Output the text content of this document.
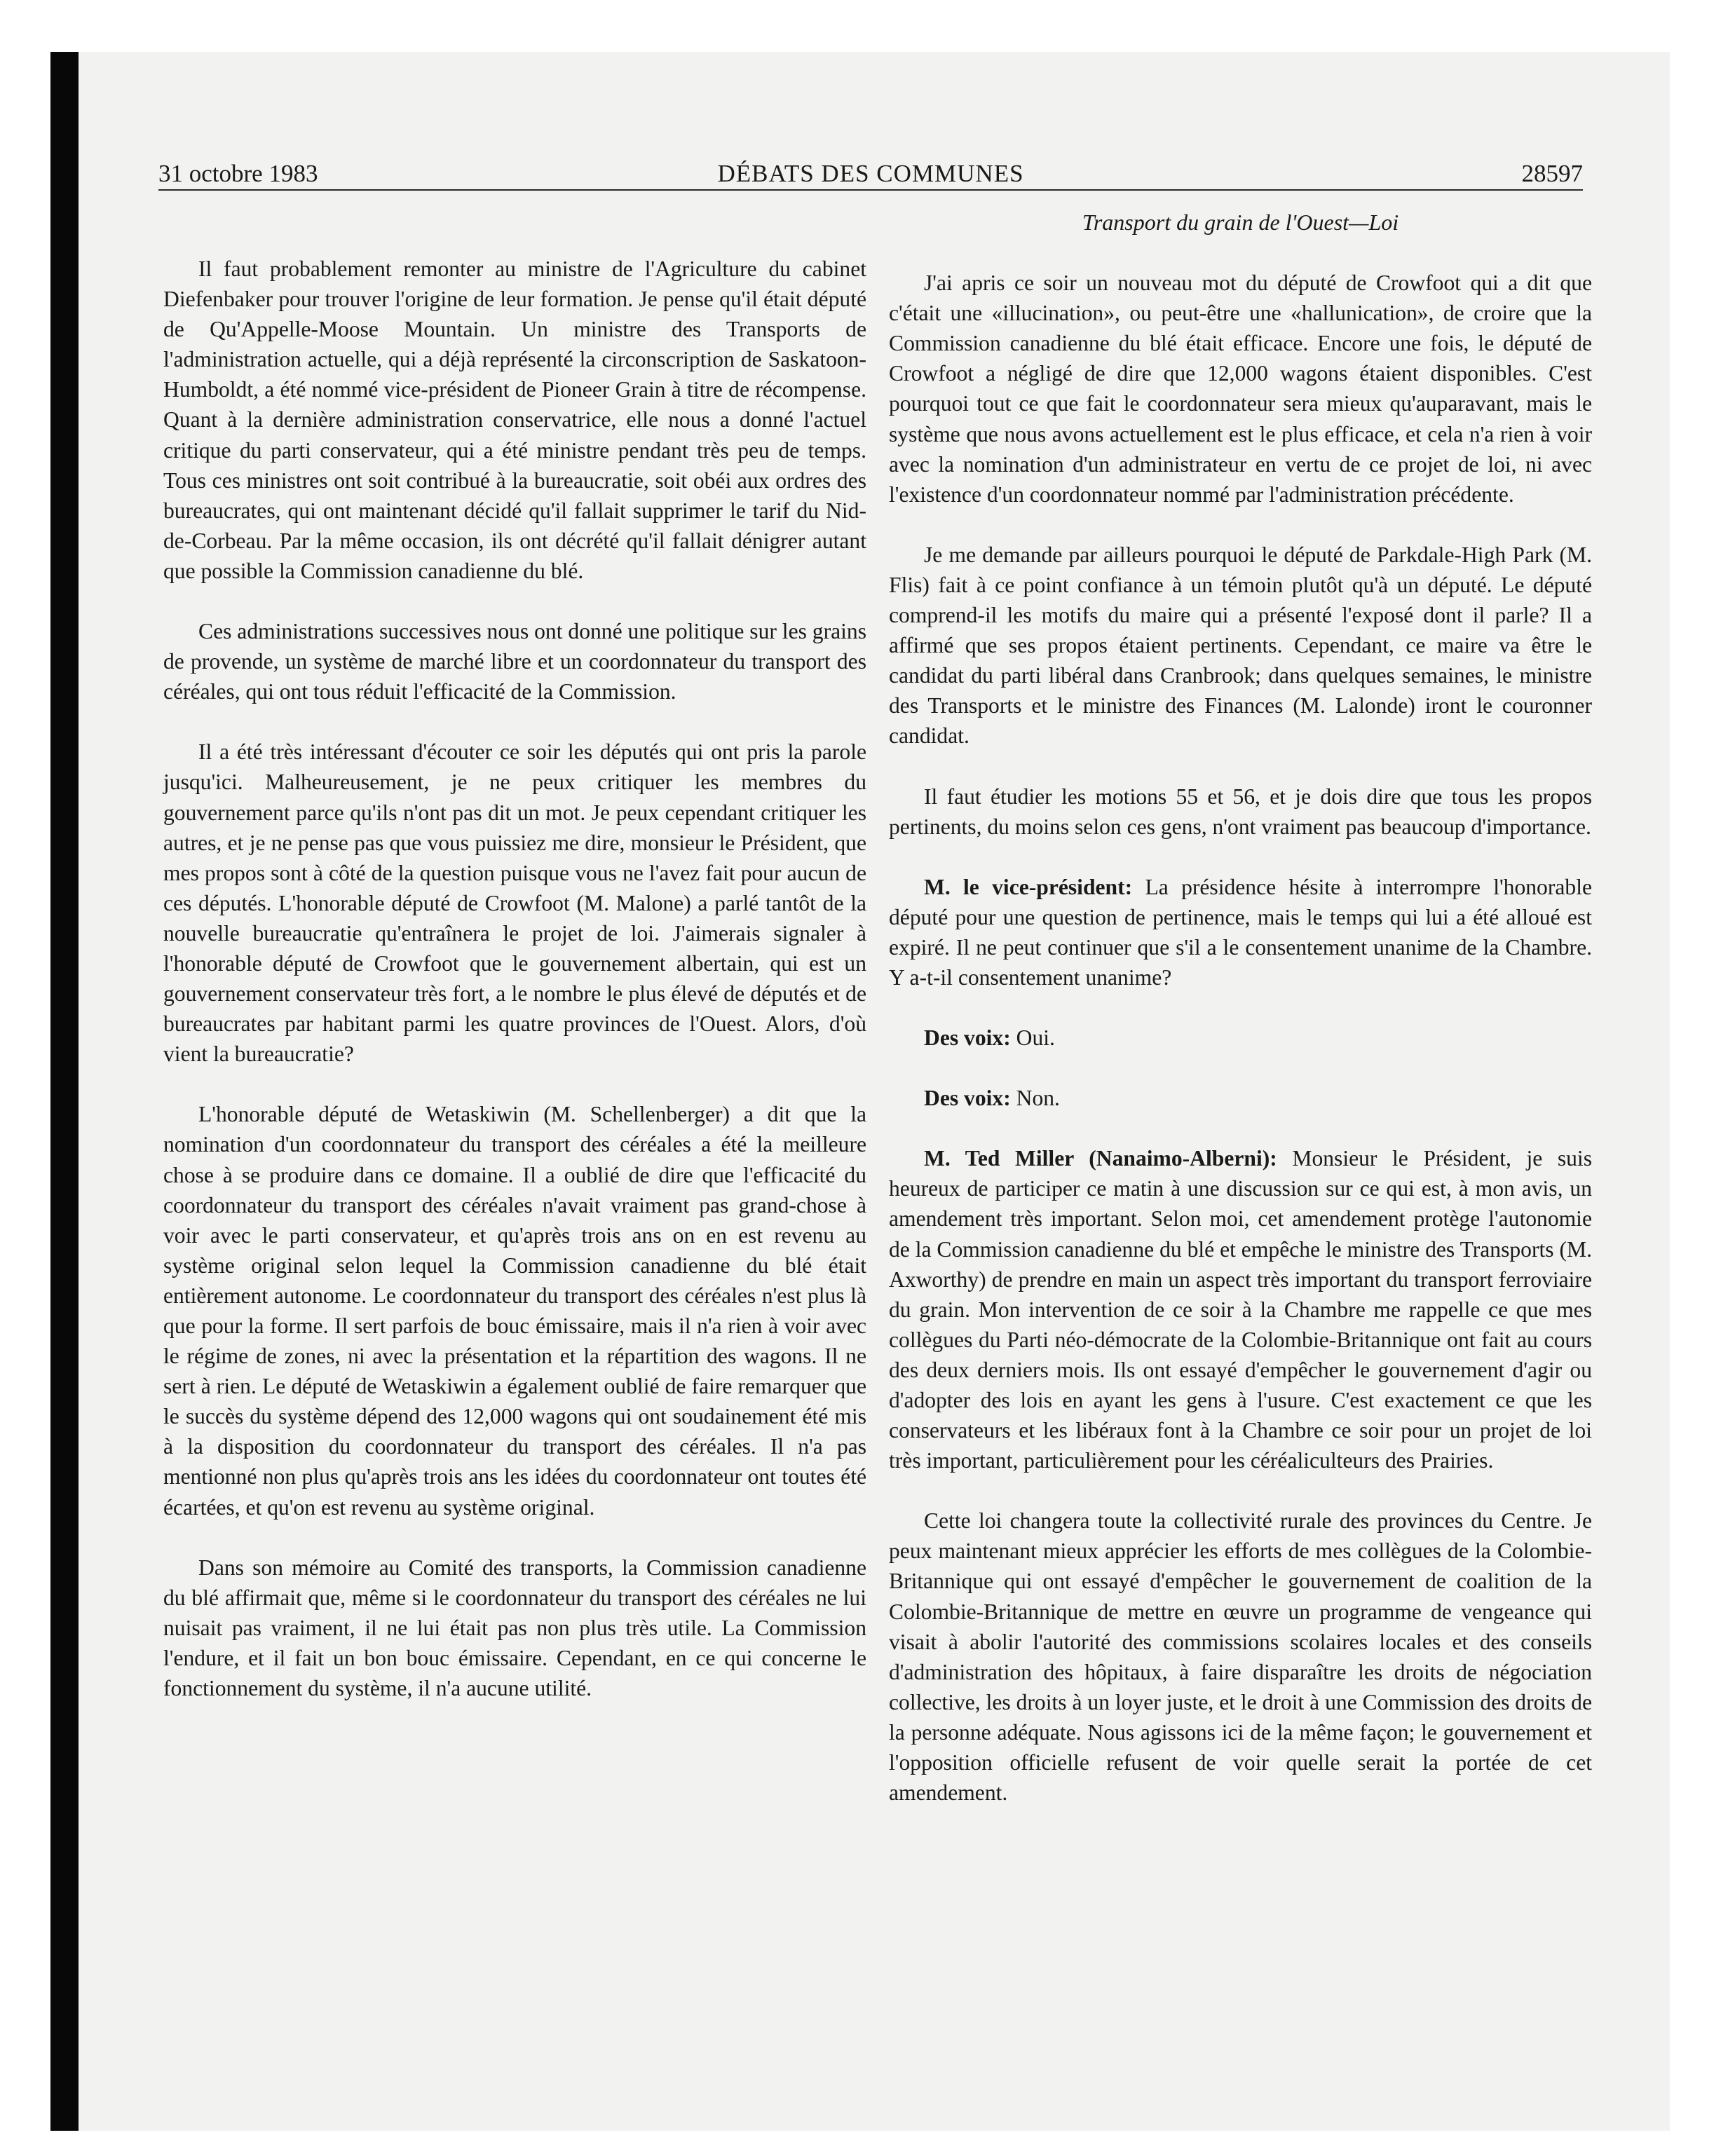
31 octobre 1983	DÉBATS DES COMMUNES	28597

Il faut probablement remonter au ministre de l'Agriculture du cabinet Diefenbaker pour trouver l'origine de leur formation. Je pense qu'il était député de Qu'Appelle-Moose Mountain. Un ministre des Transports de l'administration actuelle, qui a déjà représenté la circonscription de Saskatoon-Humboldt, a été nommé vice-président de Pioneer Grain à titre de récompense. Quant à la dernière administration conservatrice, elle nous a donné l'actuel critique du parti conservateur, qui a été ministre pendant très peu de temps. Tous ces ministres ont soit contribué à la bureaucratie, soit obéi aux ordres des bureaucrates, qui ont maintenant décidé qu'il fallait supprimer le tarif du Nid-de-Corbeau. Par la même occasion, ils ont décrété qu'il fallait dénigrer autant que possible la Commission canadienne du blé.

Ces administrations successives nous ont donné une politique sur les grains de provende, un système de marché libre et un coordonnateur du transport des céréales, qui ont tous réduit l'efficacité de la Commission.

Il a été très intéressant d'écouter ce soir les députés qui ont pris la parole jusqu'ici. Malheureusement, je ne peux critiquer les membres du gouvernement parce qu'ils n'ont pas dit un mot. Je peux cependant critiquer les autres, et je ne pense pas que vous puissiez me dire, monsieur le Président, que mes propos sont à côté de la question puisque vous ne l'avez fait pour aucun de ces députés. L'honorable député de Crowfoot (M. Malone) a parlé tantôt de la nouvelle bureaucratie qu'entraînera le projet de loi. J'aimerais signaler à l'honorable député de Crowfoot que le gouvernement albertain, qui est un gouvernement conservateur très fort, a le nombre le plus élevé de députés et de bureaucrates par habitant parmi les quatre provinces de l'Ouest. Alors, d'où vient la bureaucratie?

L'honorable député de Wetaskiwin (M. Schellenberger) a dit que la nomination d'un coordonnateur du transport des céréales a été la meilleure chose à se produire dans ce domaine. Il a oublié de dire que l'efficacité du coordonnateur du transport des céréales n'avait vraiment pas grand-chose à voir avec le parti conservateur, et qu'après trois ans on en est revenu au système original selon lequel la Commission canadienne du blé était entièrement autonome. Le coordonnateur du transport des céréales n'est plus là que pour la forme. Il sert parfois de bouc émissaire, mais il n'a rien à voir avec le régime de zones, ni avec la présentation et la répartition des wagons. Il ne sert à rien. Le député de Wetaskiwin a également oublié de faire remarquer que le succès du système dépend des 12,000 wagons qui ont soudainement été mis à la disposition du coordonnateur du transport des céréales. Il n'a pas mentionné non plus qu'après trois ans les idées du coordonnateur ont toutes été écartées, et qu'on est revenu au système original.

Dans son mémoire au Comité des transports, la Commission canadienne du blé affirmait que, même si le coordonnateur du transport des céréales ne lui nuisait pas vraiment, il ne lui était pas non plus très utile. La Commission l'endure, et il fait un bon bouc émissaire. Cependant, en ce qui concerne le fonctionnement du système, il n'a aucune utilité.

Transport du grain de l'Ouest—Loi

J'ai apris ce soir un nouveau mot du député de Crowfoot qui a dit que c'était une «illucination», ou peut-être une «hallunication», de croire que la Commission canadienne du blé était efficace. Encore une fois, le député de Crowfoot a négligé de dire que 12,000 wagons étaient disponibles. C'est pourquoi tout ce que fait le coordonnateur sera mieux qu'auparavant, mais le système que nous avons actuellement est le plus efficace, et cela n'a rien à voir avec la nomination d'un administrateur en vertu de ce projet de loi, ni avec l'existence d'un coordonnateur nommé par l'administration précédente.

Je me demande par ailleurs pourquoi le député de Parkdale-High Park (M. Flis) fait à ce point confiance à un témoin plutôt qu'à un député. Le député comprend-il les motifs du maire qui a présenté l'exposé dont il parle? Il a affirmé que ses propos étaient pertinents. Cependant, ce maire va être le candidat du parti libéral dans Cranbrook; dans quelques semaines, le ministre des Transports et le ministre des Finances (M. Lalonde) iront le couronner candidat.

Il faut étudier les motions 55 et 56, et je dois dire que tous les propos pertinents, du moins selon ces gens, n'ont vraiment pas beaucoup d'importance.

M. le vice-président: La présidence hésite à interrompre l'honorable député pour une question de pertinence, mais le temps qui lui a été alloué est expiré. Il ne peut continuer que s'il a le consentement unanime de la Chambre. Y a-t-il consentement unanime?

Des voix: Oui.

Des voix: Non.

M. Ted Miller (Nanaimo-Alberni): Monsieur le Président, je suis heureux de participer ce matin à une discussion sur ce qui est, à mon avis, un amendement très important. Selon moi, cet amendement protège l'autonomie de la Commission canadienne du blé et empêche le ministre des Transports (M. Axworthy) de prendre en main un aspect très important du transport ferroviaire du grain. Mon intervention de ce soir à la Chambre me rappelle ce que mes collègues du Parti néo-démocrate de la Colombie-Britannique ont fait au cours des deux derniers mois. Ils ont essayé d'empêcher le gouvernement d'agir ou d'adopter des lois en ayant les gens à l'usure. C'est exactement ce que les conservateurs et les libéraux font à la Chambre ce soir pour un projet de loi très important, particulièrement pour les céréaliculteurs des Prairies.

Cette loi changera toute la collectivité rurale des provinces du Centre. Je peux maintenant mieux apprécier les efforts de mes collègues de la Colombie-Britannique qui ont essayé d'empêcher le gouvernement de coalition de la Colombie-Britannique de mettre en œuvre un programme de vengeance qui visait à abolir l'autorité des commissions scolaires locales et des conseils d'administration des hôpitaux, à faire disparaître les droits de négociation collective, les droits à un loyer juste, et le droit à une Commission des droits de la personne adéquate. Nous agissons ici de la même façon; le gouvernement et l'opposition officielle refusent de voir quelle serait la portée de cet amendement.
